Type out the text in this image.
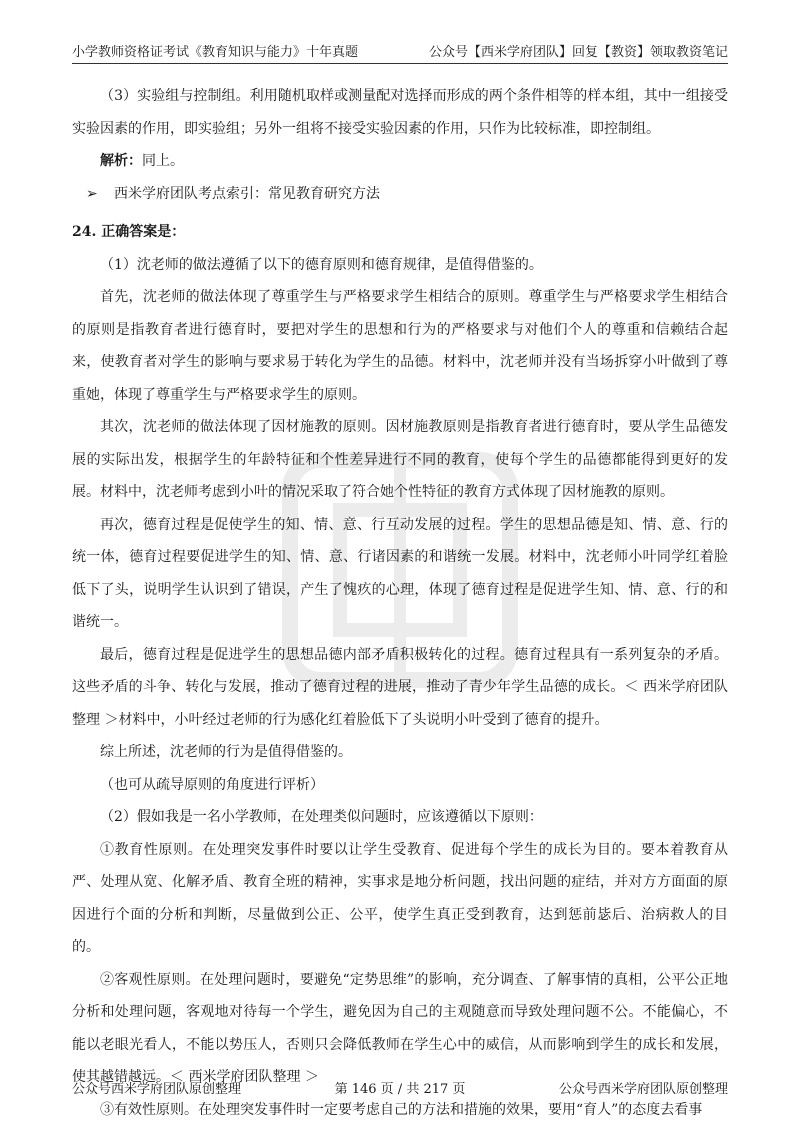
小学教师资格证考试《教育知识与能力》十年真题	公众号【西米学府团队】回复【教资】领取教资笔记

（3）实验组与控制组。利用随机取样或测量配对选择而形成的两个条件相等的样本组，其中一组接受实验因素的作用，即实验组；另外一组将不接受实验因素的作用，只作为比较标准，即控制组。

解析：同上。

➢ 西米学府团队考点索引：常见教育研究方法

24. 正确答案是：

（1）沈老师的做法遵循了以下的德育原则和德育规律，是值得借鉴的。

首先，沈老师的做法体现了尊重学生与严格要求学生相结合的原则。尊重学生与严格要求学生相结合的原则是指教育者进行德育时，要把对学生的思想和行为的严格要求与对他们个人的尊重和信赖结合起来，使教育者对学生的影响与要求易于转化为学生的品德。材料中，沈老师并没有当场拆穿小叶做到了尊重她，体现了尊重学生与严格要求学生的原则。

其次，沈老师的做法体现了因材施教的原则。因材施教原则是指教育者进行德育时，要从学生品德发展的实际出发，根据学生的年龄特征和个性差异进行不同的教育，使每个学生的品德都能得到更好的发展。材料中，沈老师考虑到小叶的情况采取了符合她个性特征的教育方式体现了因材施教的原则。

再次，德育过程是促使学生的知、情、意、行互动发展的过程。学生的思想品德是知、情、意、行的统一体，德育过程要促进学生的知、情、意、行诸因素的和谐统一发展。材料中，沈老师小叶同学红着脸低下了头，说明学生认识到了错误，产生了愧疚的心理，体现了德育过程是促进学生知、情、意、行的和谐统一。

最后，德育过程是促进学生的思想品德内部矛盾积极转化的过程。德育过程具有一系列复杂的矛盾。这些矛盾的斗争、转化与发展，推动了德育过程的进展，推动了青少年学生品德的成长。＜ 西米学府团队整理 ＞材料中，小叶经过老师的行为感化红着脸低下了头说明小叶受到了德育的提升。

综上所述，沈老师的行为是值得借鉴的。

（也可从疏导原则的角度进行评析）

（2）假如我是一名小学教师，在处理类似问题时，应该遵循以下原则：

①教育性原则。在处理突发事件时要以让学生受教育、促进每个学生的成长为目的。要本着教育从严、处理从宽、化解矛盾、教育全班的精神，实事求是地分析问题，找出问题的症结，并对方方面面的原因进行个面的分析和判断，尽量做到公正、公平，使学生真正受到教育，达到惩前毖后、治病救人的目的。

②客观性原则。在处理问题时，要避免“定势思维”的影响，充分调查、了解事情的真相，公平公正地分析和处理问题，客观地对待每一个学生，避免因为自己的主观随意而导致处理问题不公。不能偏心，不能以老眼光看人，不能以势压人，否则只会降低教师在学生心中的威信，从而影响到学生的成长和发展，使其越错越远。＜ 西米学府团队整理 ＞

③有效性原则。在处理突发事件时一定要考虑自己的方法和措施的效果，要用“育人”的态度去看事

公众号西米学府团队原创整理	第 146 页 / 共 217 页	公众号西米学府团队原创整理
